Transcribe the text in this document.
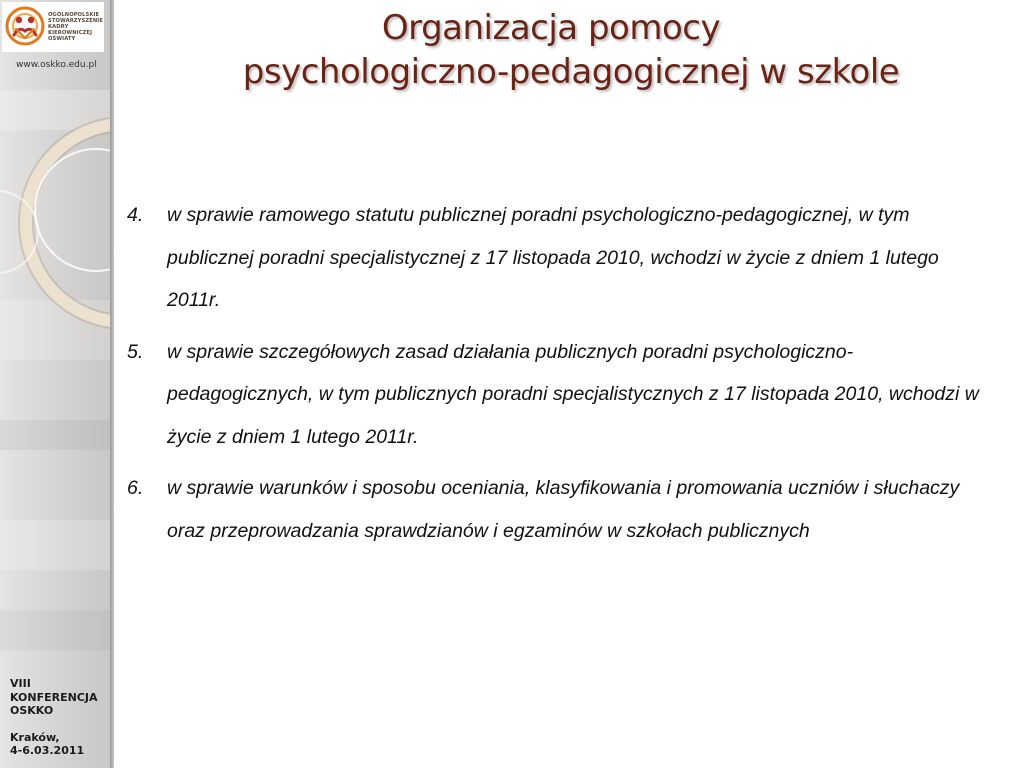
OGÓLNOPOLSKIE
STOWARZYSZENIE
KADRY
KIEROWNICZEJ
OŚWIATY
www.oskko.edu.pl
VIII
KONFERENCJA
OSKKO
Kraków,
4-6.03.2011
Organizacja pomocy
psychologiczno-pedagogicznej w szkole
4.	w sprawie ramowego statutu publicznej poradni psychologiczno-pedagogicznej, w tym publicznej poradni specjalistycznej z 17 listopada 2010, wchodzi w życie z dniem 1 lutego 2011r.
5.	w sprawie szczegółowych zasad działania publicznych poradni psychologiczno-pedagogicznych, w tym publicznych poradni specjalistycznych z 17 listopada 2010, wchodzi w życie z dniem 1 lutego 2011r.
6.	w sprawie warunków i sposobu oceniania, klasyfikowania i promowania uczniów i słuchaczy oraz przeprowadzania sprawdzianów i egzaminów w szkołach publicznych
